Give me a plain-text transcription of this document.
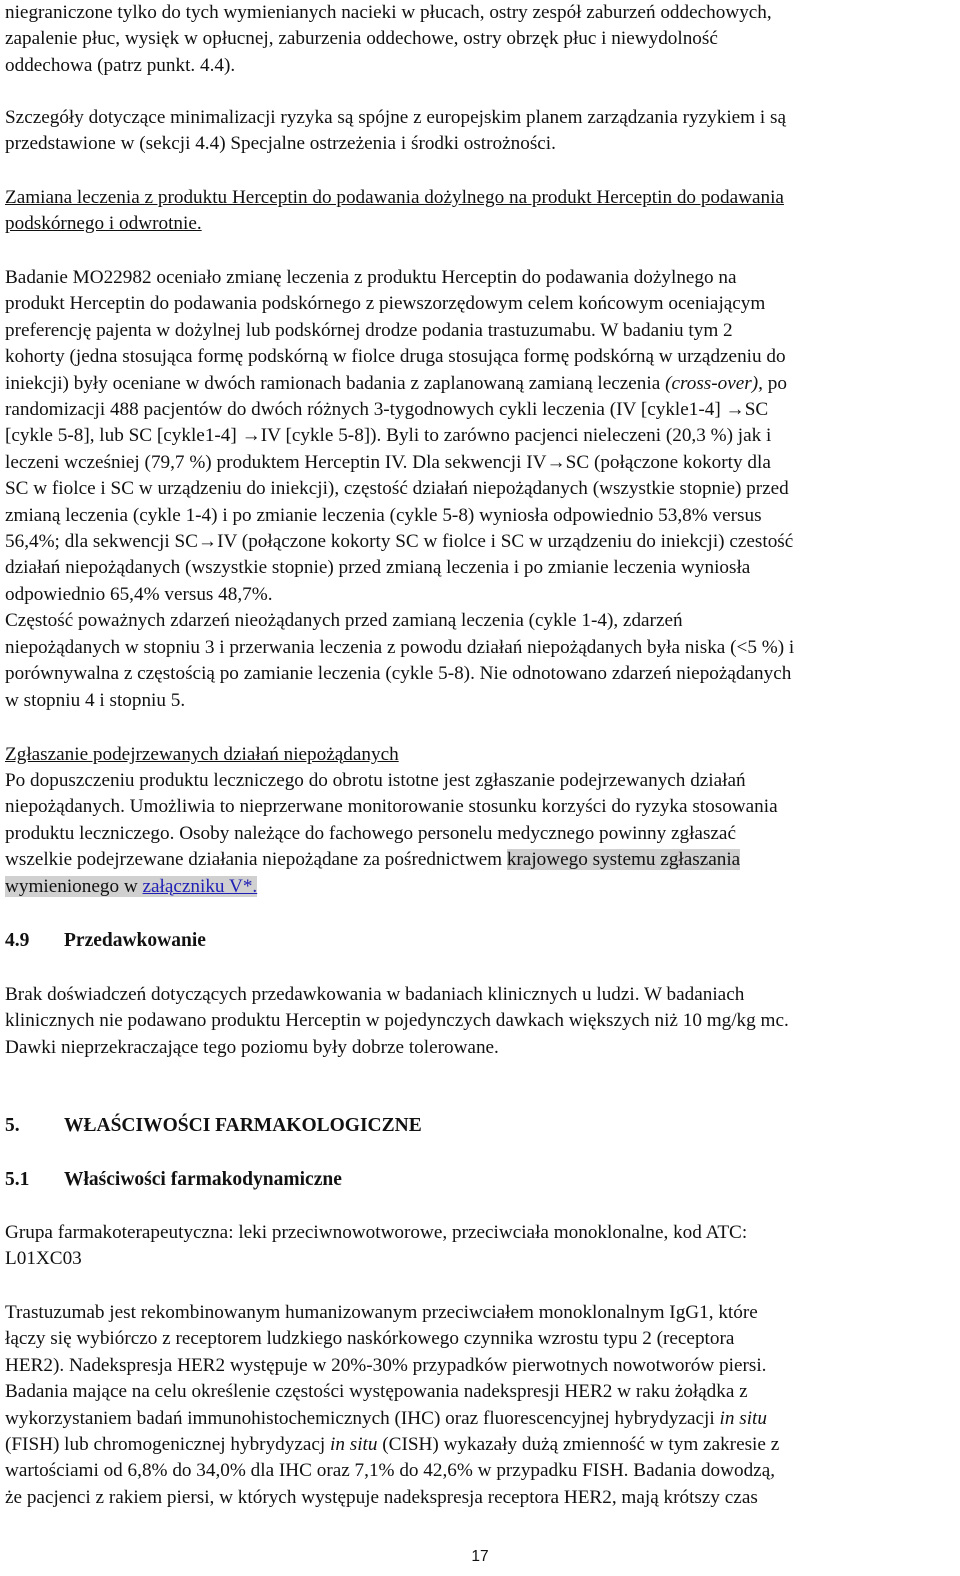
niegraniczone tylko do tych wymienianych nacieki w płucach, ostry zespół zaburzeń oddechowych,
zapalenie płuc, wysięk w opłucnej, zaburzenia oddechowe, ostry obrzęk płuc i niewydolność
oddechowa (patrz punkt. 4.4).

Szczegóły dotyczące minimalizacji ryzyka są spójne z europejskim planem zarządzania ryzykiem i są
przedstawione w (sekcji 4.4) Specjalne ostrzeżenia i środki ostrożności.

Zamiana leczenia z produktu Herceptin do podawania dożylnego na produkt Herceptin do podawania
podskórnego i odwrotnie.

Badanie MO22982 oceniało zmianę leczenia z produktu Herceptin do podawania dożylnego na
produkt Herceptin do podawania podskórnego z piewszorzędowym celem końcowym oceniającym
preferencję pajenta w dożylnej lub podskórnej drodze podania trastuzumabu. W badaniu tym 2
kohorty (jedna stosująca formę podskórną w fiolce druga stosująca formę podskórną w urządzeniu do
iniekcji) były oceniane w dwóch ramionach badania z zaplanowaną zamianą leczenia (cross-over), po
randomizacji 488 pacjentów do dwóch różnych 3-tygodnowych cykli leczenia (IV [cykle1-4] →SC
[cykle 5-8], lub SC [cykle1-4] →IV [cykle 5-8]). Byli to zarówno pacjenci nieleczeni (20,3 %) jak i
leczeni wcześniej (79,7 %) produktem Herceptin IV. Dla sekwencji IV→SC (połączone kokorty dla
SC w fiolce i SC w urządzeniu do iniekcji), częstość działań niepożądanych (wszystkie stopnie) przed
zmianą leczenia (cykle 1-4) i po zmianie leczenia (cykle 5-8) wyniosła odpowiednio 53,8% versus
56,4%; dla sekwencji SC→IV (połączone kokorty SC w fiolce i SC w urządzeniu do iniekcji) czestość
działań niepożądanych (wszystkie stopnie) przed zmianą leczenia i po zmianie leczenia wyniosła
odpowiednio 65,4% versus 48,7%.
Częstość poważnych zdarzeń nieożądanych przed zamianą leczenia (cykle 1-4), zdarzeń
niepożądanych w stopniu 3 i przerwania leczenia z powodu działań niepożądanych była niska (<5 %) i
porównywalna z częstością po zamianie leczenia (cykle 5-8). Nie odnotowano zdarzeń niepożądanych
w stopniu 4 i stopniu 5.

Zgłaszanie podejrzewanych działań niepożądanych

Po dopuszczeniu produktu leczniczego do obrotu istotne jest zgłaszanie podejrzewanych działań
niepożądanych. Umożliwia to nieprzerwane monitorowanie stosunku korzyści do ryzyka stosowania
produktu leczniczego. Osoby należące do fachowego personelu medycznego powinny zgłaszać
wszelkie podejrzewane działania niepożądane za pośrednictwem krajowego systemu zgłaszania
wymienionego w załączniku V*.

4.9 Przedawkowanie

Brak doświadczeń dotyczących przedawkowania w badaniach klinicznych u ludzi. W badaniach
klinicznych nie podawano produktu Herceptin w pojedynczych dawkach większych niż 10 mg/kg mc.
Dawki nieprzekraczające tego poziomu były dobrze tolerowane.

5. WŁAŚCIWOŚCI FARMAKOLOGICZNE
5.1 Właściwości farmakodynamiczne

Grupa farmakoterapeutyczna: leki przeciwnowotworowe, przeciwciała monoklonalne, kod ATC:
L01XC03

Trastuzumab jest rekombinowanym humanizowanym przeciwciałem monoklonalnym IgG1, które
łączy się wybiórczo z receptorem ludzkiego naskórkowego czynnika wzrostu typu 2 (receptora
HER2). Nadekspresja HER2 występuje w 20%-30% przypadków pierwotnych nowotworów piersi.
Badania mające na celu określenie częstości występowania nadekspresji HER2 w raku żołądka z
wykorzystaniem badań immunohistochemicznych (IHC) oraz fluorescencyjnej hybrydyzacji in situ
(FISH) lub chromogenicznej hybrydyzacj in situ (CISH) wykazały dużą zmienność w tym zakresie z
wartościami od 6,8% do 34,0% dla IHC oraz 7,1% do 42,6% w przypadku FISH. Badania dowodzą,
że pacjenci z rakiem piersi, w których występuje nadekspresja receptora HER2, mają krótszy czas

17
